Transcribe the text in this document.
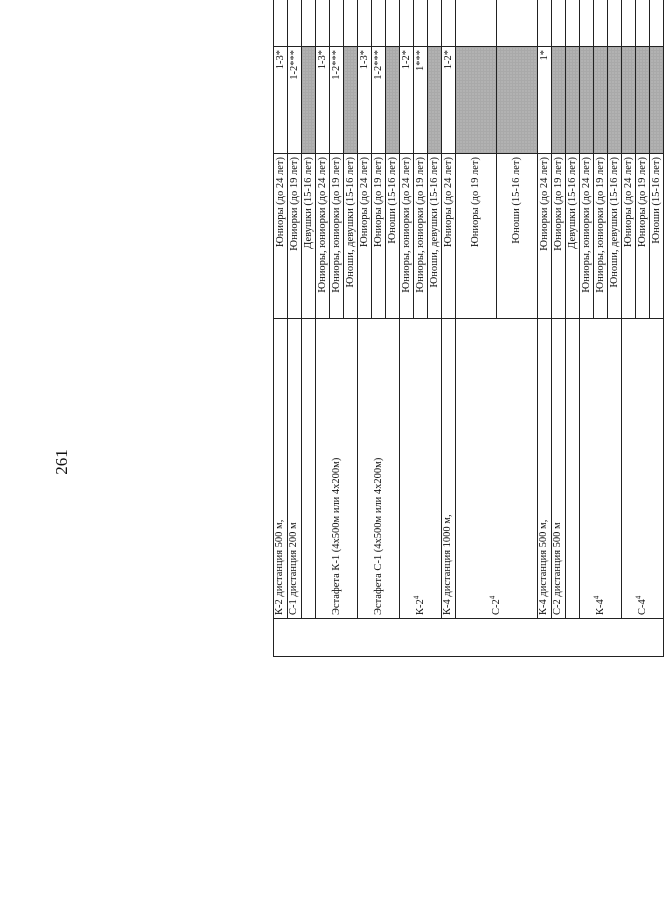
261
	К-2 дистанция 500 м,	Юниоры (до 24 лет)	1-3*	
	С-1 дистанция 200 м	Юниорки (до 19 лет)	1-2***	
		Девушки (15-16 лет)		
	Эстафета К-1 (4х500м или 4х200м)	Юниоры, юниорки (до 24 лет)	1-3*	
		Юниоры, юниорки (до 19 лет)	1-2***	
		Юноши, девушки (15-16 лет)		
	Эстафета С-1 (4х500м или 4х200м)	Юниоры (до 24 лет)	1-3*	
		Юниоры (до 19 лет)	1-2***	
		Юноши (15-16 лет)		
	$К-2^4$	Юниоры, юниорки (до 24 лет)	1-2*	
		Юниоры, юниорки (до 19 лет)	1***	
		Юноши, девушки (15-16 лет)		
	К-4 дистанция 1000 м,	Юниоры (до 24 лет)	1-2*	
	$С-2^4$	Юниоры (до 19 лет)		
		Юноши (15-16 лет)		
	К-4 дистанция 500 м,	Юниорки (до 24 лет)	1*	
	С-2 дистанция 500 м	Юниорки (до 19 лет)		
		Девушки (15-16 лет)		
	$К-4^4$	Юниоры, юниорки (до 24 лет)		
		Юниоры, юниорки (до 19 лет)		
		Юноши, девушки (15-16 лет)		
	$С-4^4$	Юниоры (до 24 лет)		
		Юниоры (до 19 лет)		
		Юноши (15-16 лет)		
